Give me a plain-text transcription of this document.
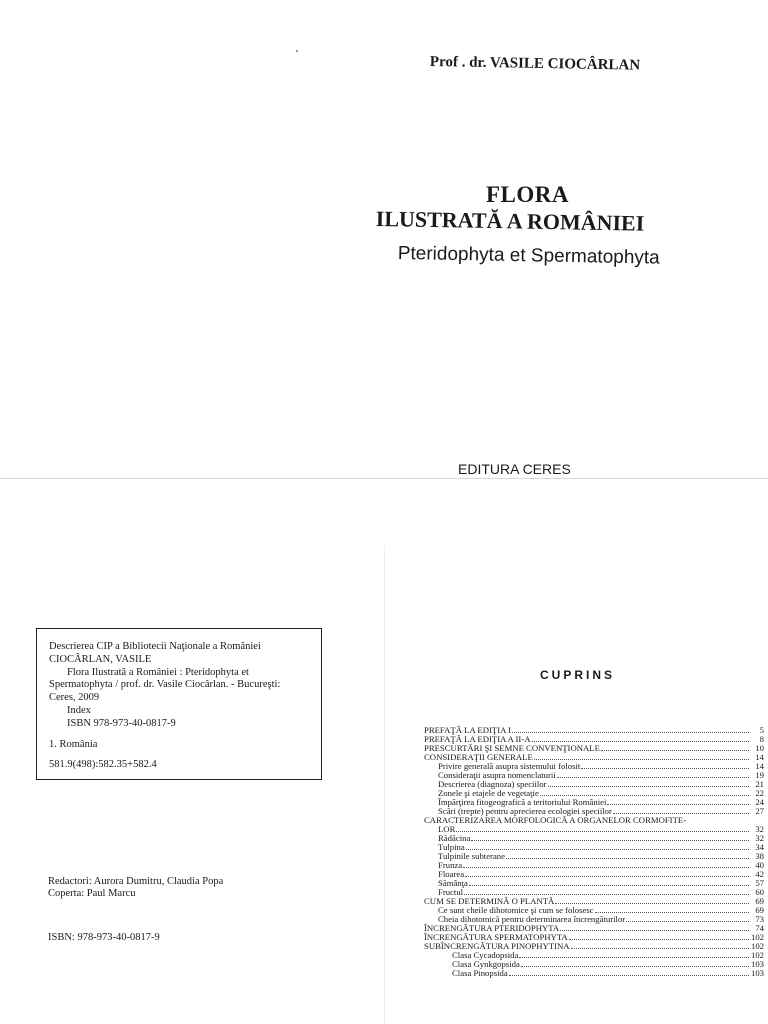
Prof . dr. VASILE CIOCÂRLAN
FLORA
ILUSTRATĂ A ROMÂNIEI
Pteridophyta et Spermatophyta
EDITURA CERES
Descrierea CIP a Bibliotecii Naţionale a României
CIOCÂRLAN, VASILE
Flora Ilustrată a României : Pteridophyta et
Spermatophyta / prof. dr. Vasile Ciocârlan. - Bucureşti:
Ceres, 2009
Index
ISBN 978-973-40-0817-9
1. România
581.9(498):582.35+582.4
Redactori: Aurora Dumitru, Claudia Popa
Coperta: Paul Marcu
ISBN: 978-973-40-0817-9
CUPRINS
PREFAŢĂ LA EDIŢIA I	5
PREFAŢĂ LA EDIŢIA A II-A	8
PRESCURTĂRI ŞI SEMNE CONVENŢIONALE	10
CONSIDERAŢII GENERALE	14
Privire generală asupra sistemului folosit	14
Consideraţii asupra nomenclaturii	19
Descrierea (diagnoza) speciilor	21
Zonele şi etajele de vegetaţie	22
Împărţirea fitogeografică a teritoriului României	24
Scări (trepte) pentru aprecierea ecologiei speciilor	27
CARACTERIZAREA MORFOLOGICĂ A ORGANELOR CORMOFITE-
LOR	32
Rădăcina	32
Tulpina	34
Tulpinile subterane	38
Frunza	40
Floarea	42
Sămânţa	57
Fructul	60
CUM SE DETERMINĂ O PLANTĂ	69
Ce sunt cheile dihotomice şi cum se folosesc	69
Cheia dihotomică pentru determinarea încrengăturilor	73
ÎNCRENGĂTURA PTERIDOPHYTA	74
ÎNCRENGĂTURA SPERMATOPHYTA	102
SUBÎNCRENGĂTURA PINOPHYTINA	102
Clasa Cycadopsida	102
Clasa Gynkgopsida	103
Clasa Pinopsida	103
